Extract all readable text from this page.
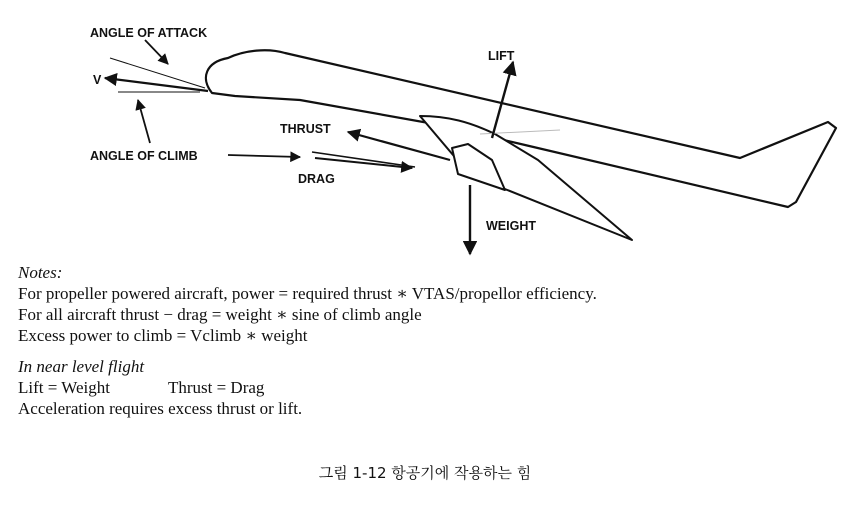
ANGLE OF ATTACK
V
LIFT
THRUST
ANGLE OF CLIMB
DRAG
WEIGHT
Notes:
For propeller powered aircraft, power = required thrust ∗ VTAS/propellor efficiency.
For all aircraft thrust − drag = weight ∗ sine of climb angle
Excess power to climb = Vclimb ∗ weight
In near level flight
Lift = Weight	Thrust = Drag
Acceleration requires excess thrust or lift.
그림 1-12 항공기에 작용하는 힘
